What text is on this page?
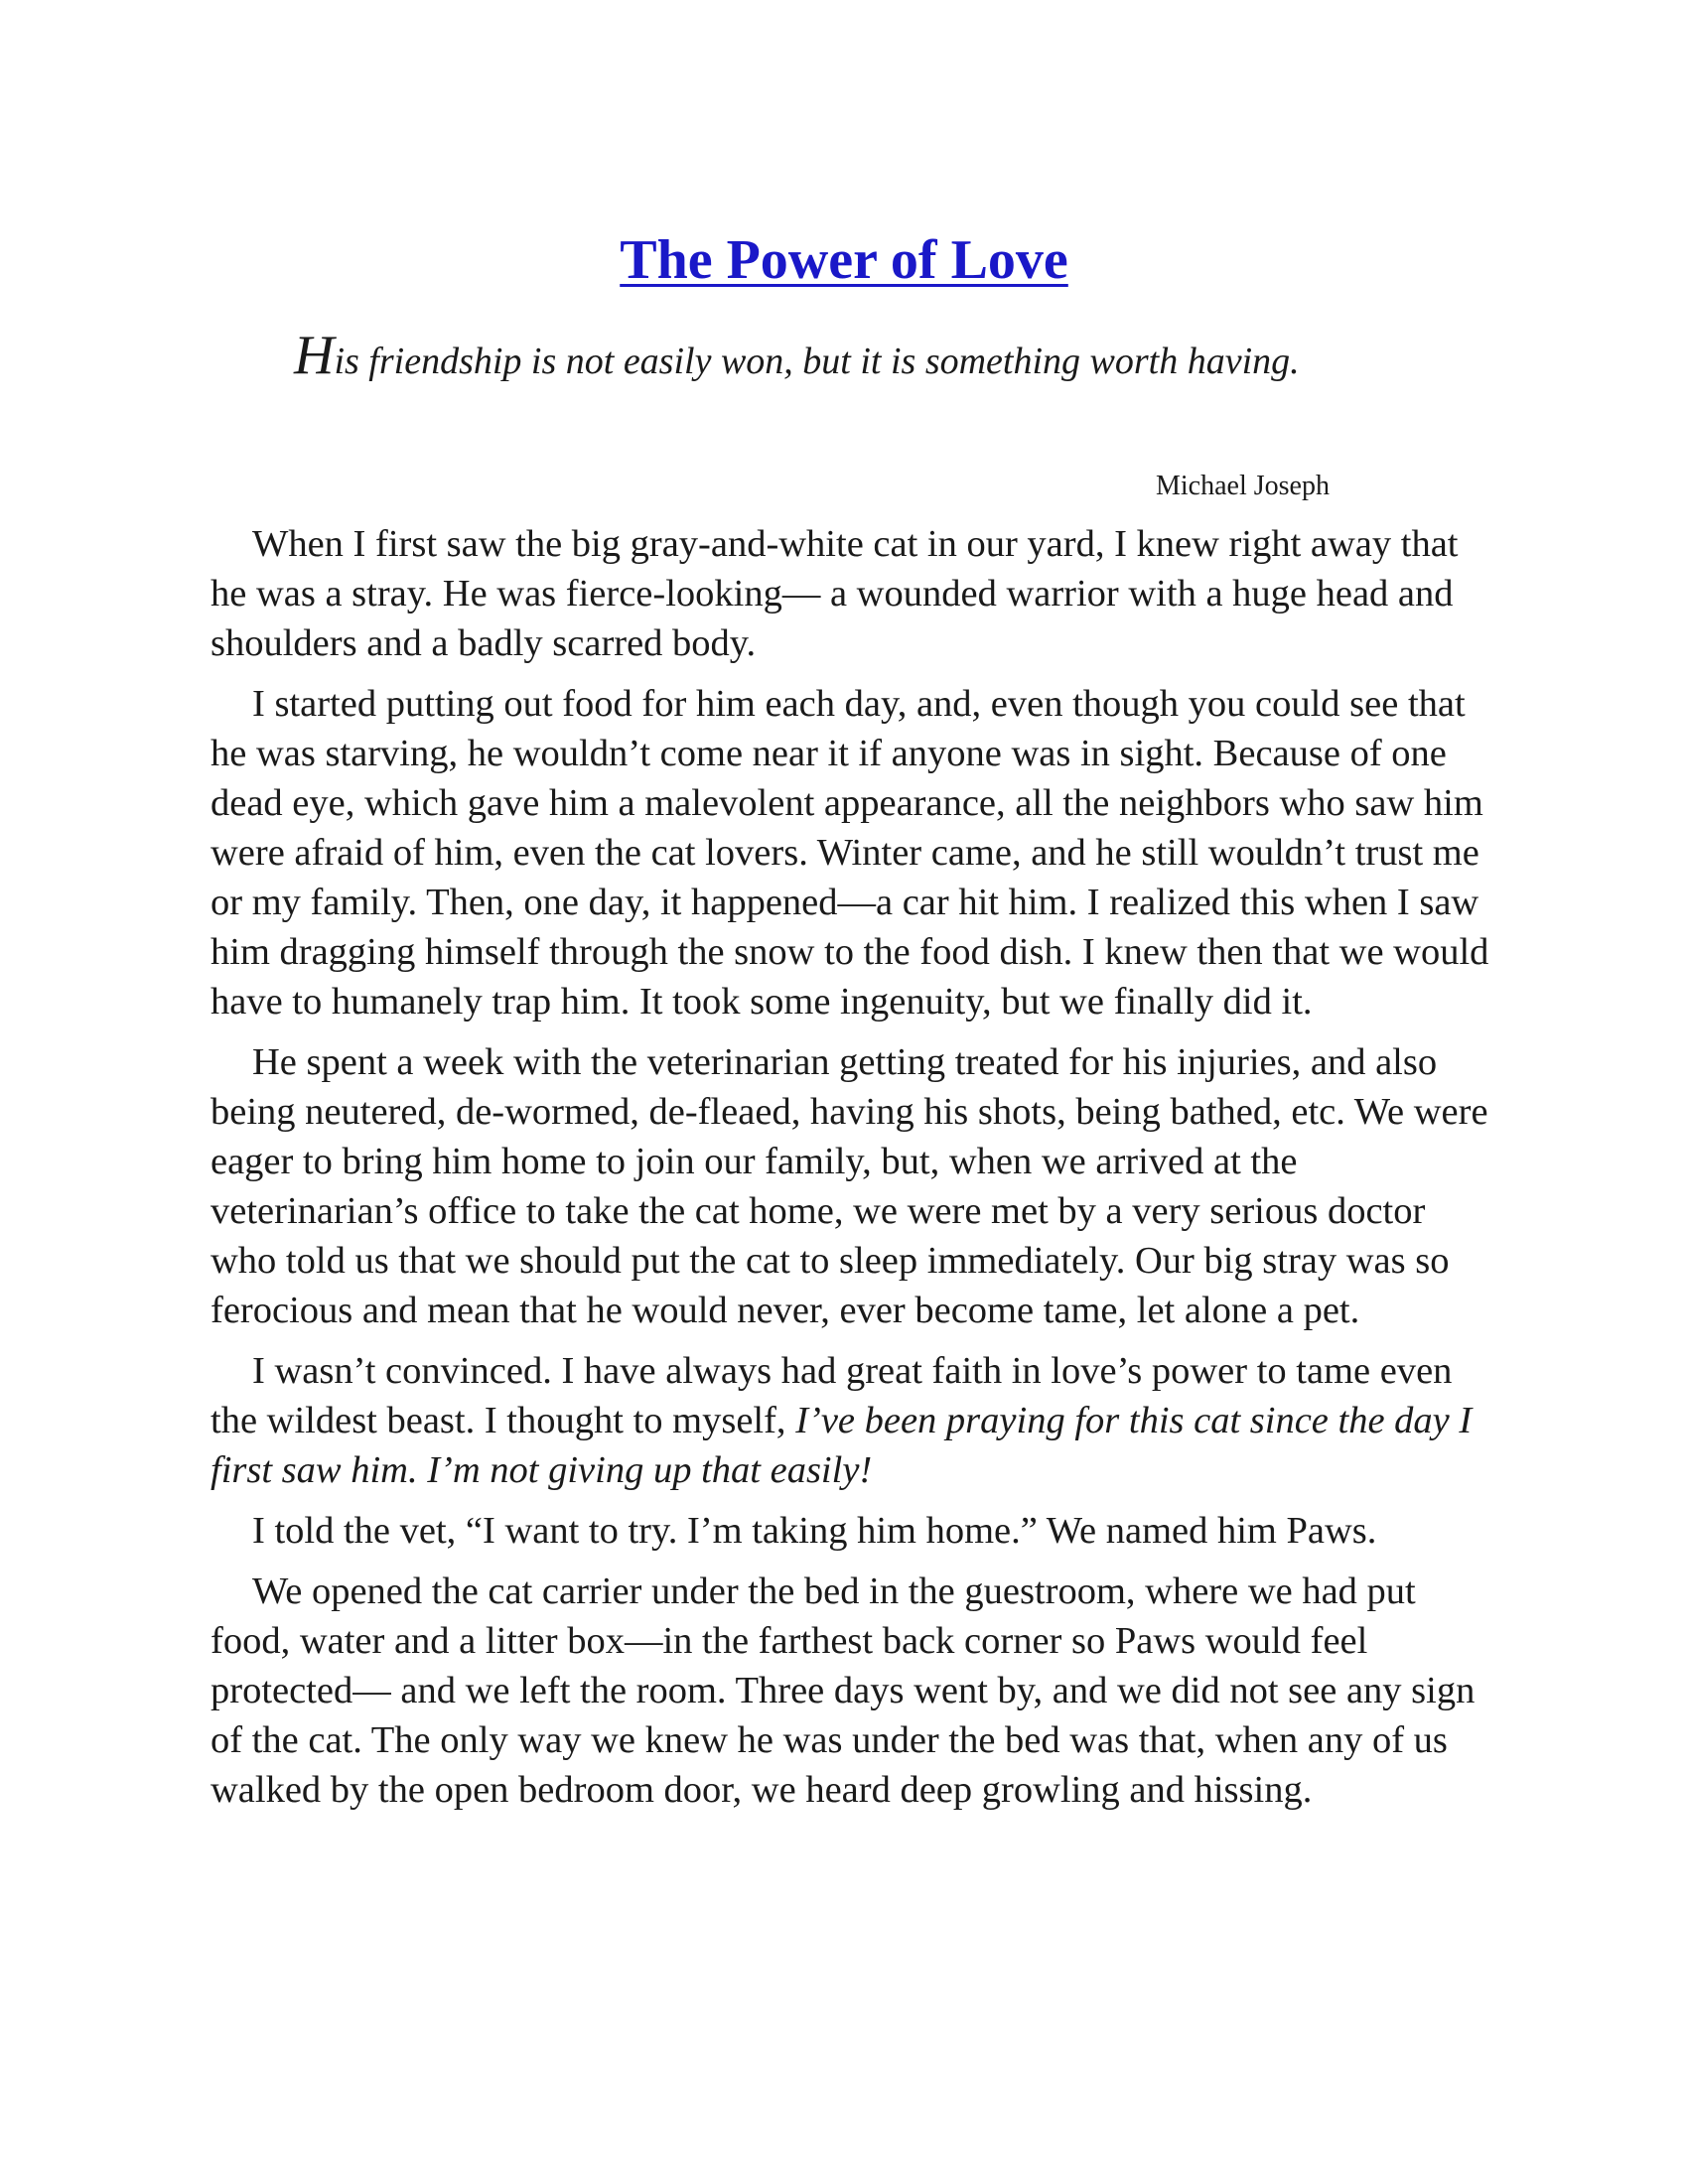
The Power of Love

His friendship is not easily won, but it is something worth having.

Michael Joseph

When I first saw the big gray-and-white cat in our yard, I knew right away that he was a stray. He was fierce-looking— a wounded warrior with a huge head and shoulders and a badly scarred body.

I started putting out food for him each day, and, even though you could see that he was starving, he wouldn’t come near it if anyone was in sight. Because of one dead eye, which gave him a malevolent appearance, all the neighbors who saw him were afraid of him, even the cat lovers. Winter came, and he still wouldn’t trust me or my family. Then, one day, it happened—a car hit him. I realized this when I saw him dragging himself through the snow to the food dish. I knew then that we would have to humanely trap him. It took some ingenuity, but we finally did it.

He spent a week with the veterinarian getting treated for his injuries, and also being neutered, de-wormed, de-fleaed, having his shots, being bathed, etc. We were eager to bring him home to join our family, but, when we arrived at the veterinarian’s office to take the cat home, we were met by a very serious doctor who told us that we should put the cat to sleep immediately. Our big stray was so ferocious and mean that he would never, ever become tame, let alone a pet.

I wasn’t convinced. I have always had great faith in love’s power to tame even the wildest beast. I thought to myself, I’ve been praying for this cat since the day I first saw him. I’m not giving up that easily!

I told the vet, “I want to try. I’m taking him home.” We named him Paws.

We opened the cat carrier under the bed in the guestroom, where we had put food, water and a litter box—in the farthest back corner so Paws would feel protected— and we left the room. Three days went by, and we did not see any sign of the cat. The only way we knew he was under the bed was that, when any of us walked by the open bedroom door, we heard deep growling and hissing.
